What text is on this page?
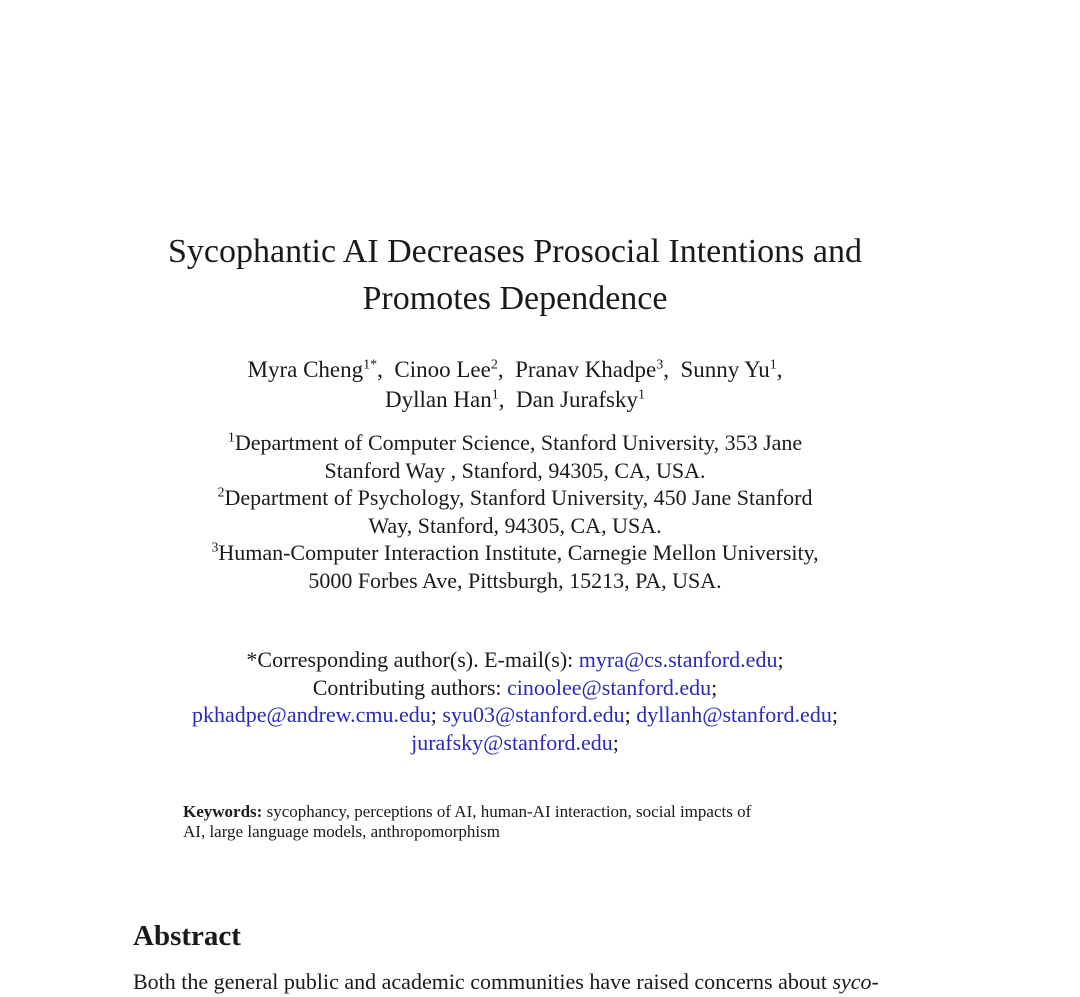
Sycophantic AI Decreases Prosocial Intentions and
Promotes Dependence
Myra Cheng$^{1*}$,  Cinoo Lee$^2$,  Pranav Khadpe$^3$,  Sunny Yu$^1$,
Dyllan Han$^1$,  Dan Jurafsky$^1$
$^1$Department of Computer Science, Stanford University, 353 Jane
Stanford Way , Stanford, 94305, CA, USA.
$^2$Department of Psychology, Stanford University, 450 Jane Stanford
Way, Stanford, 94305, CA, USA.
$^3$Human-Computer Interaction Institute, Carnegie Mellon University,
5000 Forbes Ave, Pittsburgh, 15213, PA, USA.
*Corresponding author(s). E-mail(s): myra@cs.stanford.edu;
Contributing authors: cinoolee@stanford.edu;
pkhadpe@andrew.cmu.edu; syu03@stanford.edu; dyllanh@stanford.edu;
jurafsky@stanford.edu;
Keywords: sycophancy, perceptions of AI, human-AI interaction, social impacts of
AI, large language models, anthropomorphism
Abstract

Both the general public and academic communities have raised concerns about syco-
